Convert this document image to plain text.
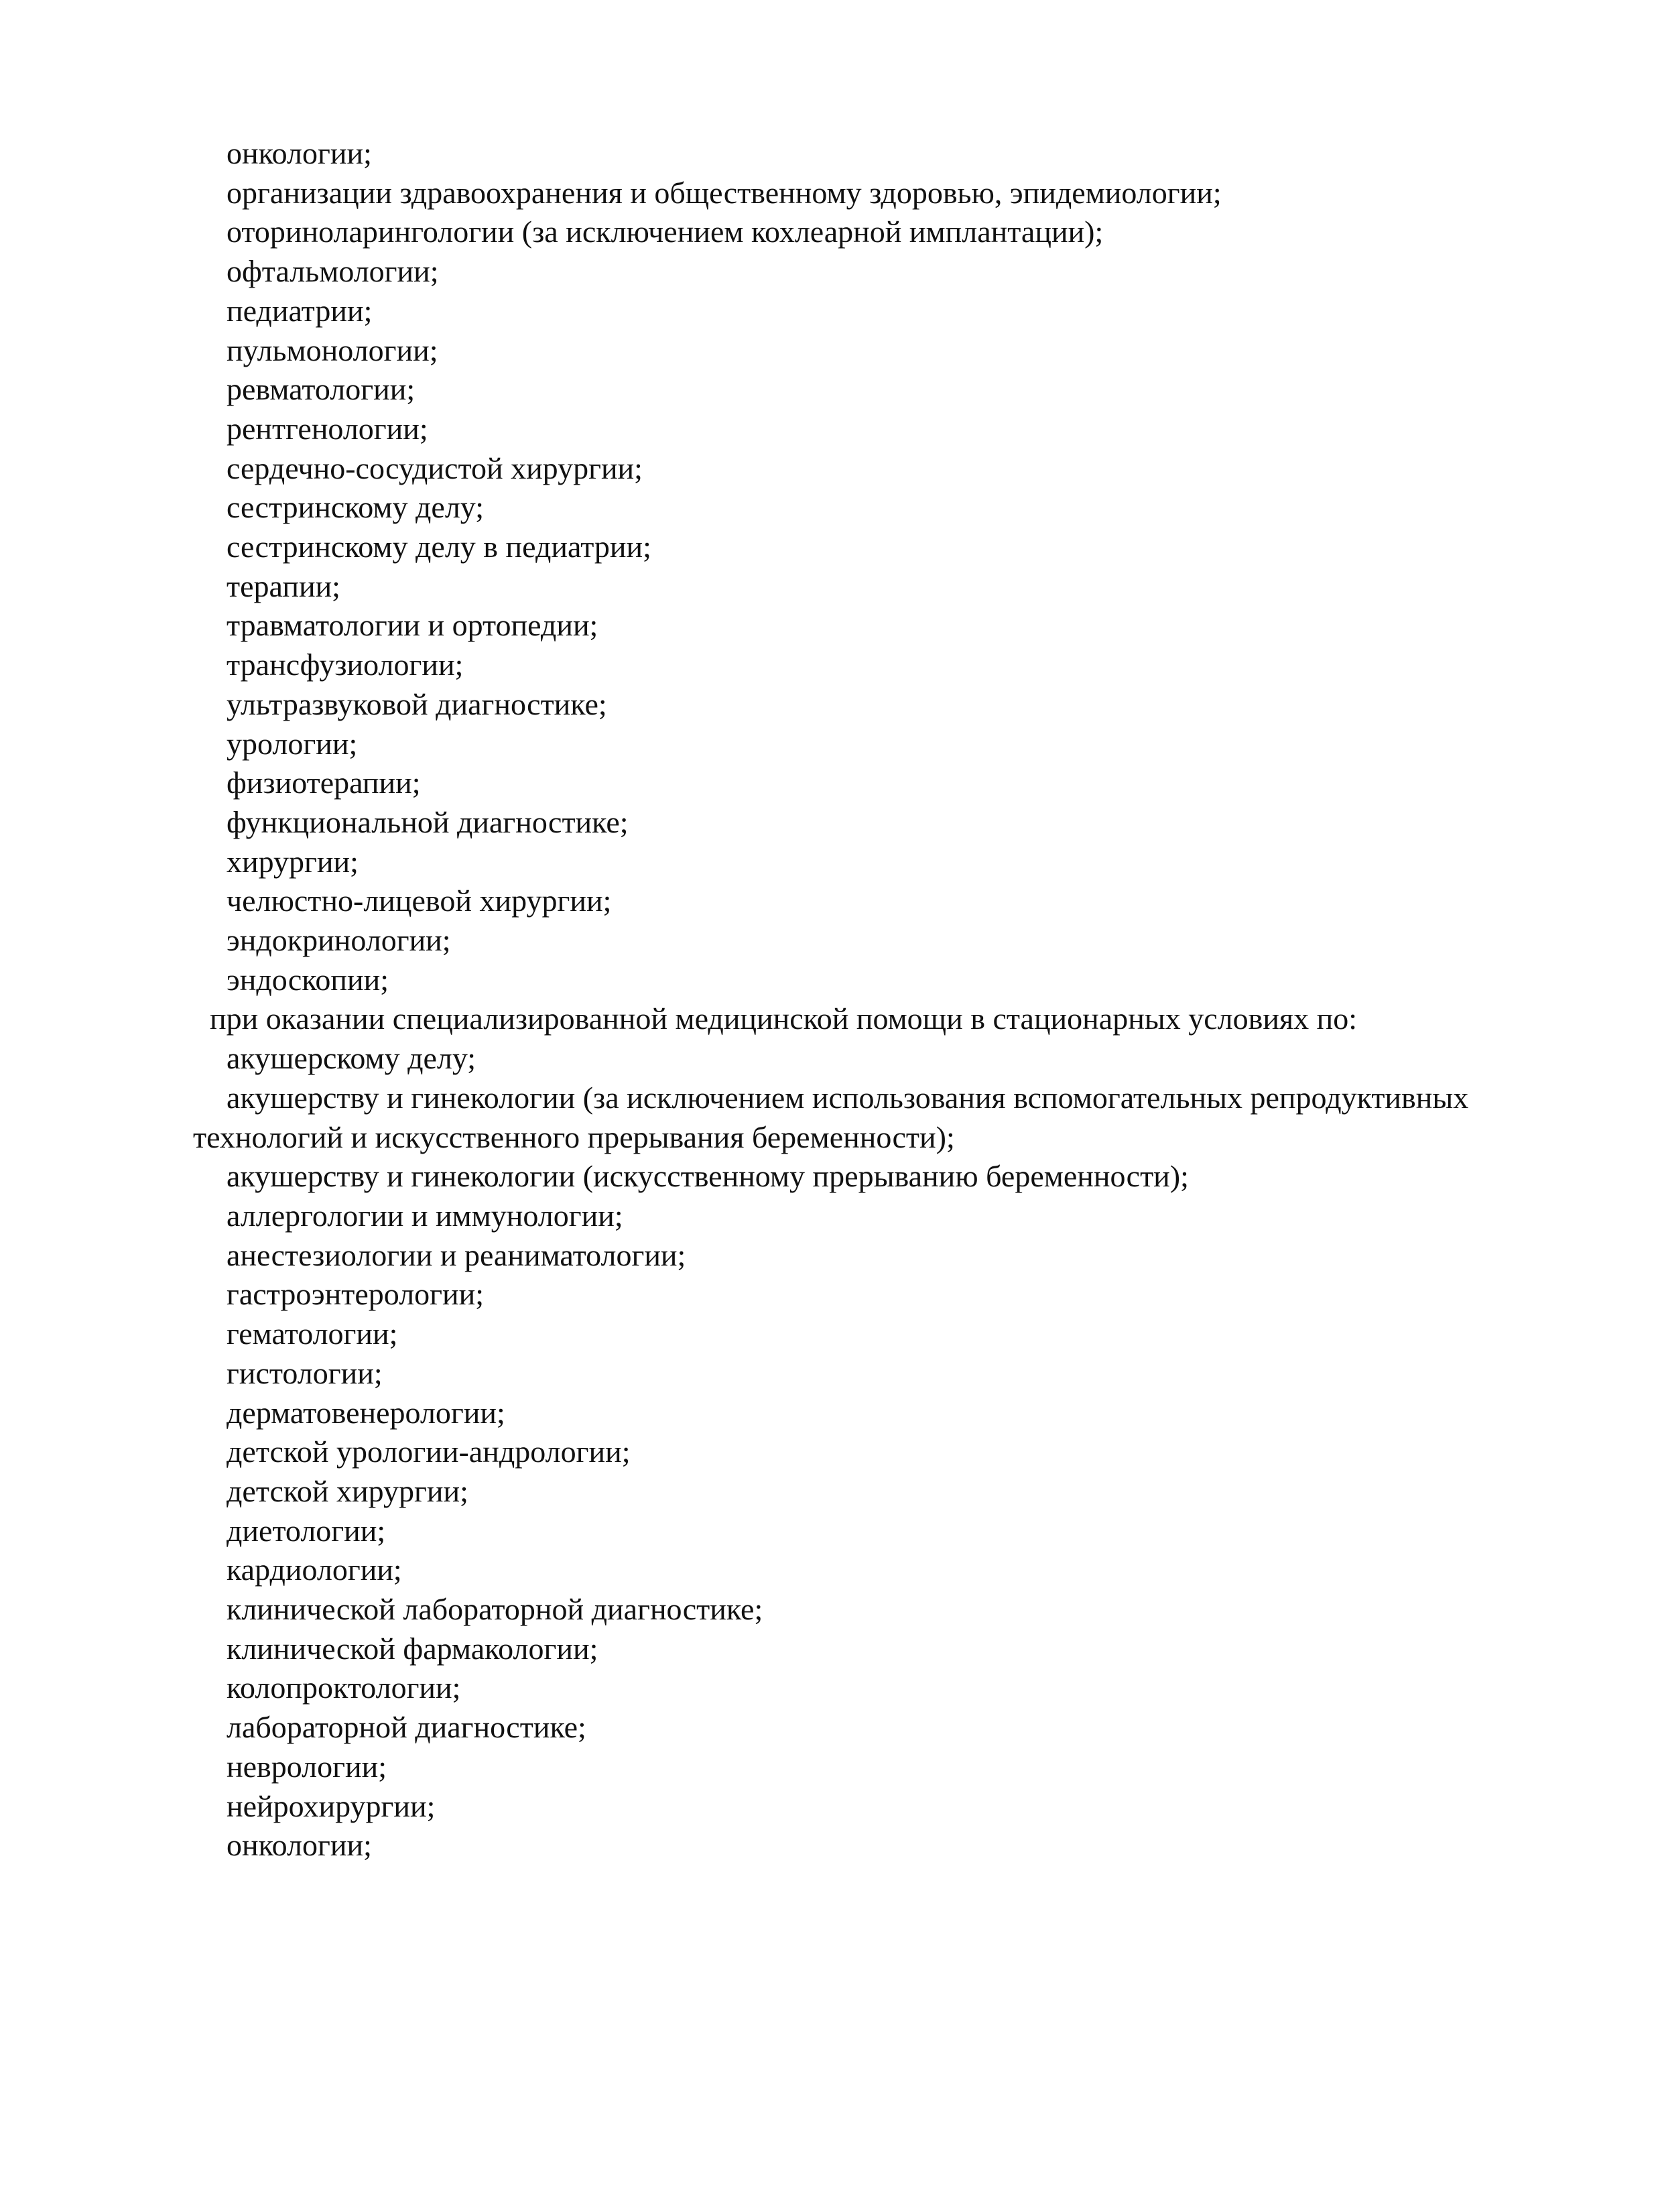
онкологии;
организации здравоохранения и общественному здоровью, эпидемиологии;
оториноларингологии (за исключением кохлеарной имплантации);
офтальмологии;
педиатрии;
пульмонологии;
ревматологии;
рентгенологии;
сердечно-сосудистой хирургии;
сестринскому делу;
сестринскому делу в педиатрии;
терапии;
травматологии и ортопедии;
трансфузиологии;
ультразвуковой диагностике;
урологии;
физиотерапии;
функциональной диагностике;
хирургии;
челюстно-лицевой хирургии;
эндокринологии;
эндоскопии;
при оказании специализированной медицинской помощи в стационарных условиях по:
акушерскому делу;
акушерству и гинекологии (за исключением использования вспомогательных репродуктивных
технологий и искусственного прерывания беременности);
акушерству и гинекологии (искусственному прерыванию беременности);
аллергологии и иммунологии;
анестезиологии и реаниматологии;
гастроэнтерологии;
гематологии;
гистологии;
дерматовенерологии;
детской урологии-андрологии;
детской хирургии;
диетологии;
кардиологии;
клинической лабораторной диагностике;
клинической фармакологии;
колопроктологии;
лабораторной диагностике;
неврологии;
нейрохирургии;
онкологии;
